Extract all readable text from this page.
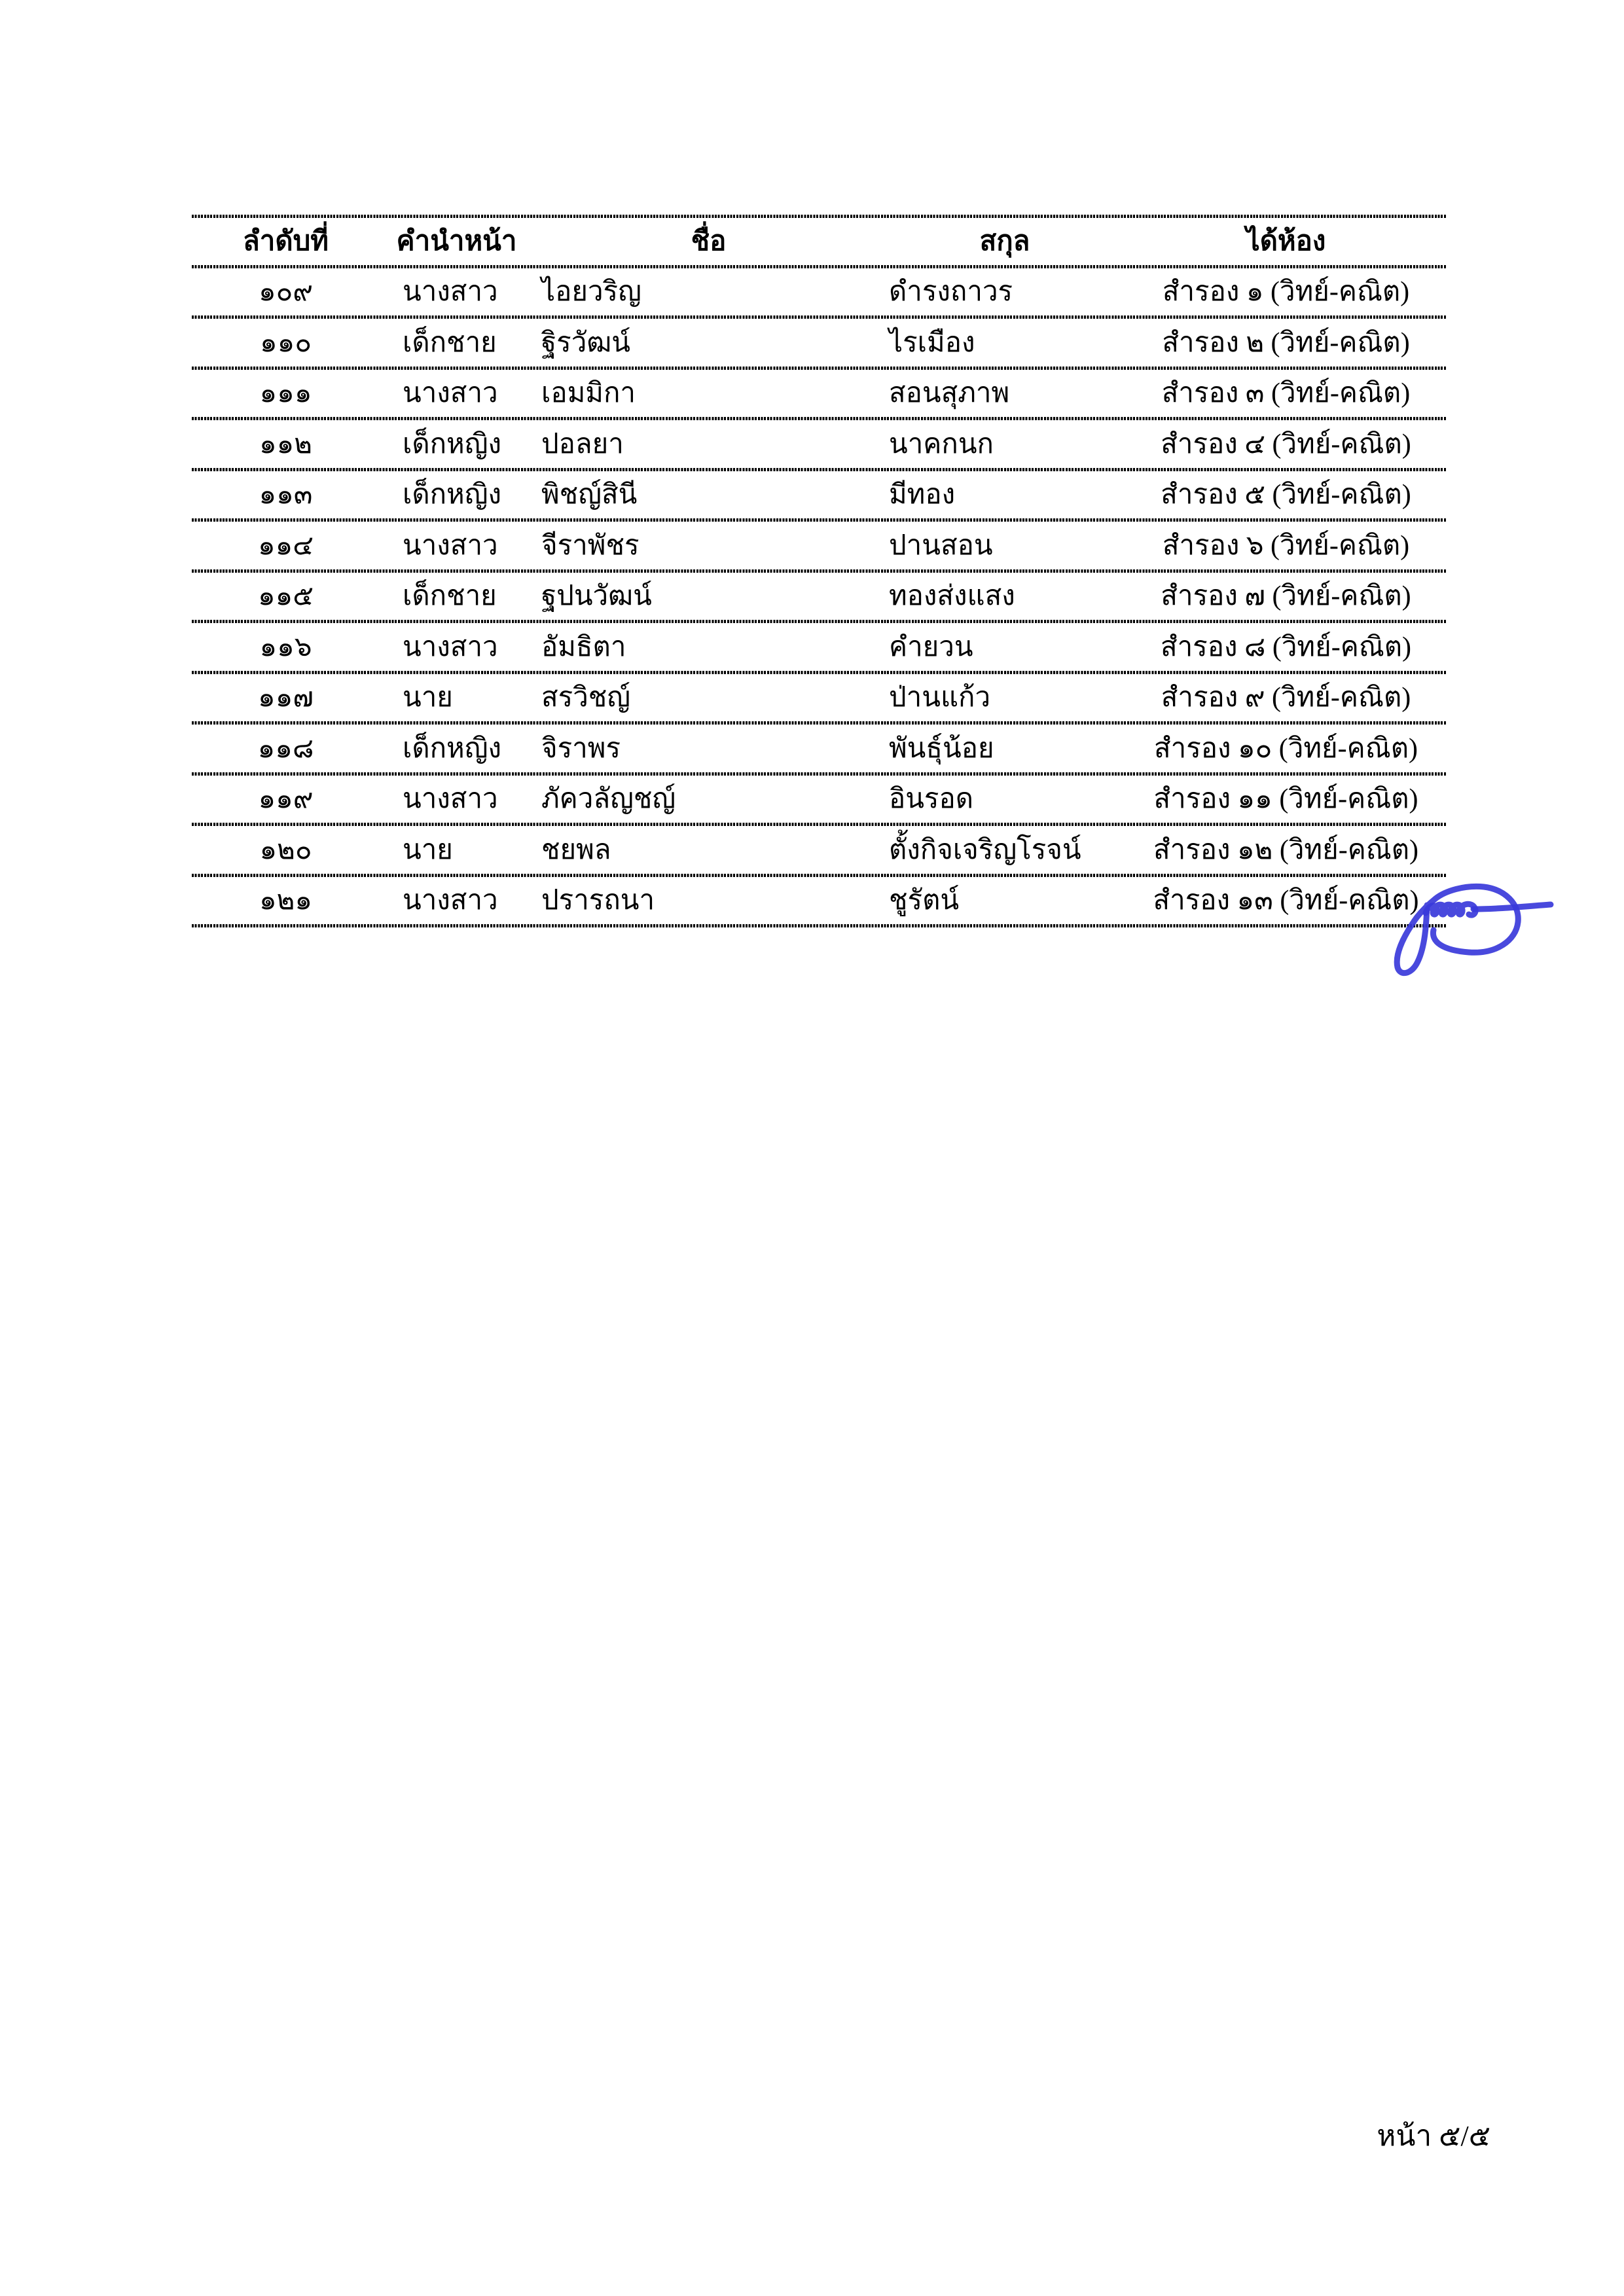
ลำดับที่	คำนำหน้า	ชื่อ	สกุล	ได้ห้อง
๑๐๙	นางสาว	ไอยวริญ	ดำรงถาวร	สำรอง ๑ (วิทย์-คณิต)
๑๑๐	เด็กชาย	ฐิรวัฒน์	ไรเมือง	สำรอง ๒ (วิทย์-คณิต)
๑๑๑	นางสาว	เอมมิกา	สอนสุภาพ	สำรอง ๓ (วิทย์-คณิต)
๑๑๒	เด็กหญิง	ปอลยา	นาคกนก	สำรอง ๔ (วิทย์-คณิต)
๑๑๓	เด็กหญิง	พิชญ์สินี	มีทอง	สำรอง ๕ (วิทย์-คณิต)
๑๑๔	นางสาว	จีราพัชร	ปานสอน	สำรอง ๖ (วิทย์-คณิต)
๑๑๕	เด็กชาย	ฐปนวัฒน์	ทองส่งแสง	สำรอง ๗ (วิทย์-คณิต)
๑๑๖	นางสาว	อัมธิตา	คำยวน	สำรอง ๘ (วิทย์-คณิต)
๑๑๗	นาย	สรวิชญ์	ป่านแก้ว	สำรอง ๙ (วิทย์-คณิต)
๑๑๘	เด็กหญิง	จิราพร	พันธุ์น้อย	สำรอง ๑๐ (วิทย์-คณิต)
๑๑๙	นางสาว	ภัควลัญชญ์	อินรอด	สำรอง ๑๑ (วิทย์-คณิต)
๑๒๐	นาย	ชยพล	ตั้งกิจเจริญโรจน์	สำรอง ๑๒ (วิทย์-คณิต)
๑๒๑	นางสาว	ปรารถนา	ชูรัตน์	สำรอง ๑๓ (วิทย์-คณิต)
หน้า ๕/๕
